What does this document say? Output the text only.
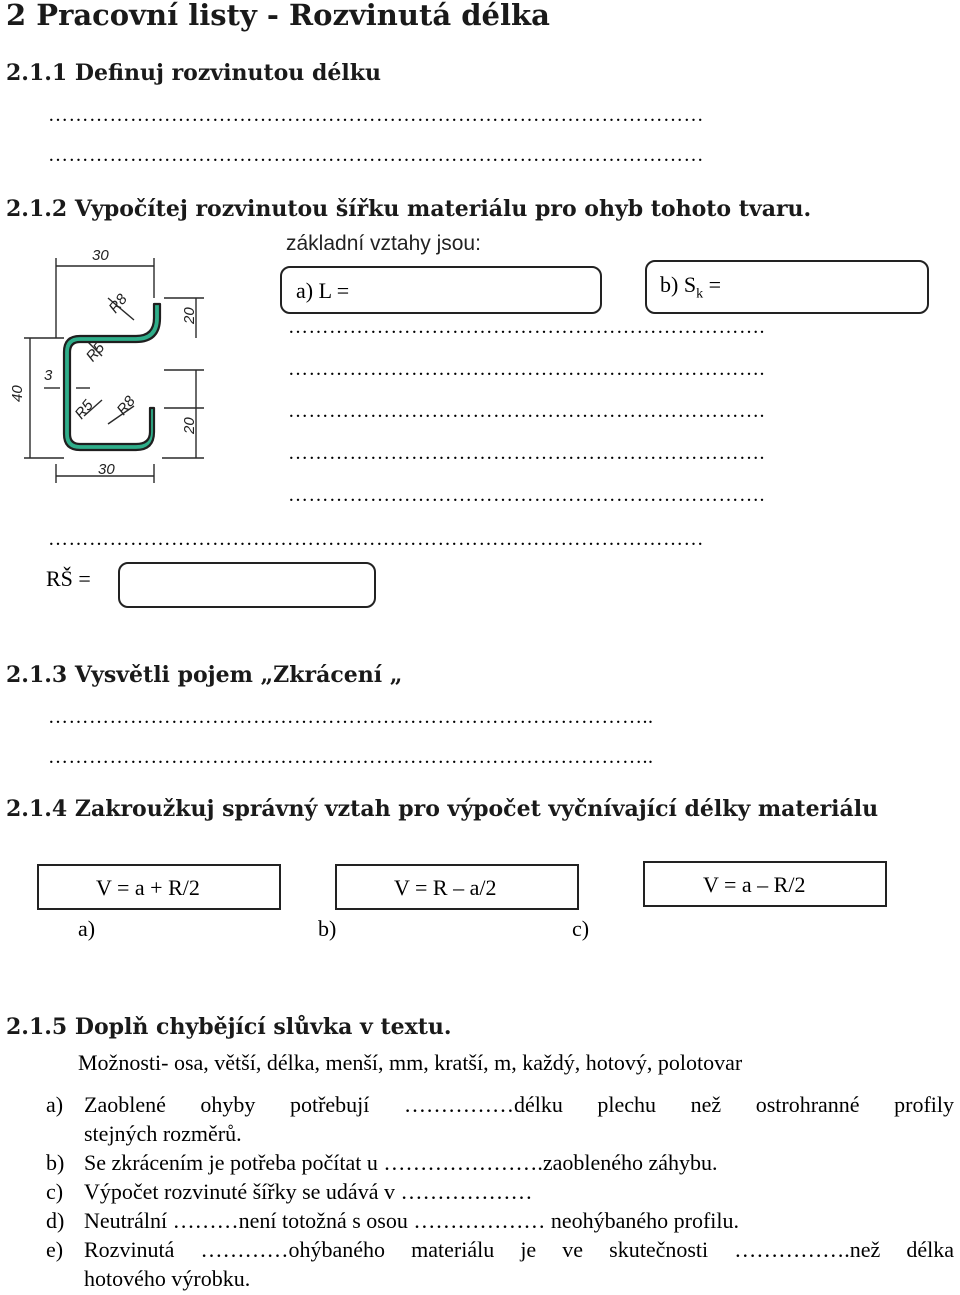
2 Pracovní listy - Rozvinutá délka
2.1.1 Definuj rozvinutou délku
……………………………………………………………………………………
……………………………………………………………………………………
2.1.2 Vypočítej rozvinutou šířku materiálu pro ohyb tohoto tvaru.
základní vztahy jsou:
30
R8	20
R5
40
3
R5 R8
20
30
a) L =	b) $S_k$ =
…………………………………………………………….
…………………………………………………………….
…………………………………………………………….
…………………………………………………………….
…………………………………………………………….
……………………………………………………………………………………
RŠ =
2.1.3 Vysvětli pojem „Zkrácení „
……………………………………………………………………………..
……………………………………………………………………………..
2.1.4 Zakroužkuj správný vztah pro výpočet vyčnívající délky materiálu
V = a + R/2	V = R – a/2	V = a – R/2
a)	b)	c)
2.1.5 Doplň chybějící slůvka v textu.
Možnosti- osa, větší, délka, menší, mm, kratší, m, každý, hotový, polotovar
a) Zaoblené ohyby potřebují ……………délku plechu než ostrohranné profily
stejných rozměrů.
b) Se zkrácením je potřeba počítat u ………………….zaobleného záhybu.
c) Výpočet rozvinuté šířky se udává v ………………
d) Neutrální ………není totožná s osou ……………… neohýbaného profilu.
e) Rozvinutá …………ohýbaného materiálu je ve skutečnosti …………….než délka
hotového výrobku.
